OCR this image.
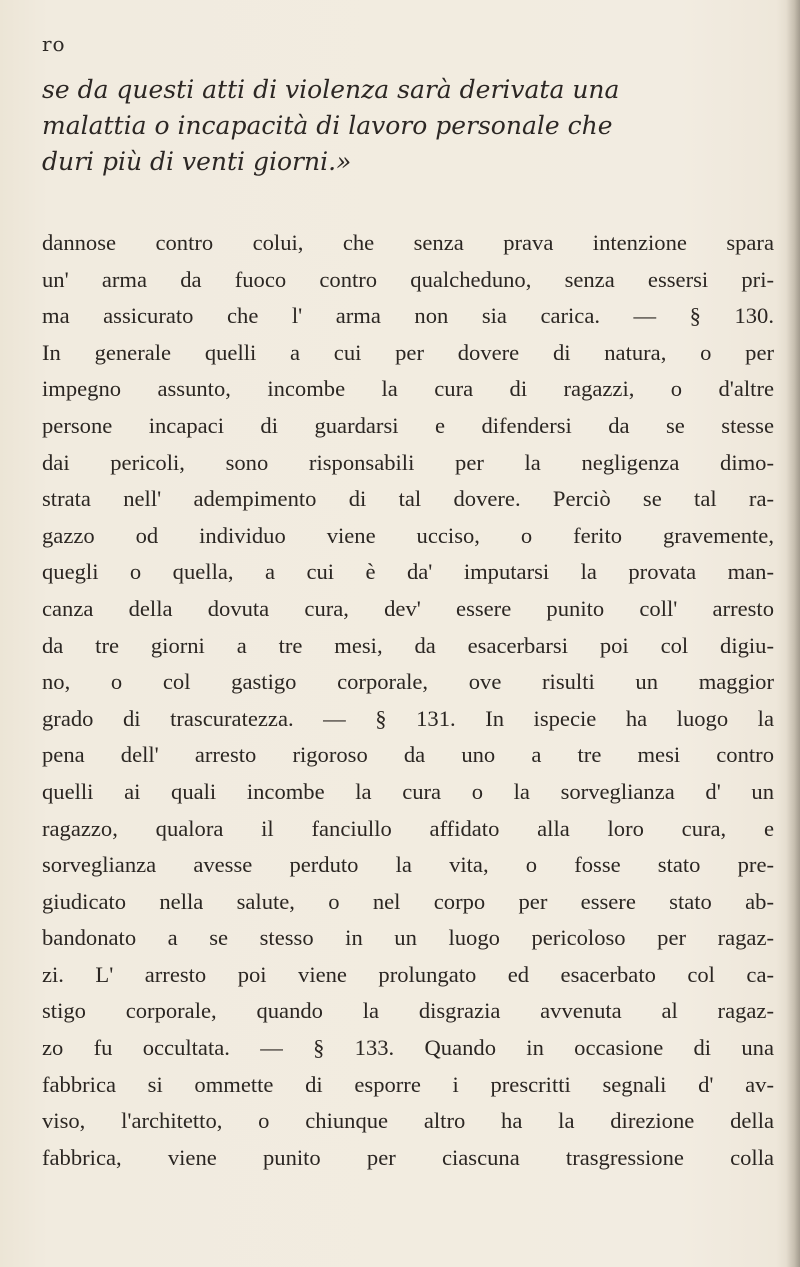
ro
se da questi atti di violenza sarà derivata una
malattia o incapacità di lavoro personale che
duri più di venti giorni.»
dannose contro colui, che senza prava intenzione spara
un' arma da fuoco contro qualcheduno, senza essersi pri-
ma assicurato che l' arma non sia carica. — § 130.
In generale quelli a cui per dovere di natura, o per
impegno assunto, incombe la cura di ragazzi, o d'altre
persone incapaci di guardarsi e difendersi da se stesse
dai pericoli, sono risponsabili per la negligenza dimo-
strata nell' adempimento di tal dovere. Perciò se tal ra-
gazzo od individuo viene ucciso, o ferito gravemente,
quegli o quella, a cui è da' imputarsi la provata man-
canza della dovuta cura, dev' essere punito coll' arresto
da tre giorni a tre mesi, da esacerbarsi poi col digiu-
no, o col gastigo corporale, ove risulti un maggior
grado di trascuratezza. — § 131. In ispecie ha luogo la
pena dell' arresto rigoroso da uno a tre mesi contro
quelli ai quali incombe la cura o la sorveglianza d' un
ragazzo, qualora il fanciullo affidato alla loro cura, e
sorveglianza avesse perduto la vita, o fosse stato pre-
giudicato nella salute, o nel corpo per essere stato ab-
bandonato a se stesso in un luogo pericoloso per ragaz-
zi. L' arresto poi viene prolungato ed esacerbato col ca-
stigo corporale, quando la disgrazia avvenuta al ragaz-
zo fu occultata. — § 133. Quando in occasione di una
fabbrica si ommette di esporre i prescritti segnali d' av-
viso, l'architetto, o chiunque altro ha la direzione della
fabbrica, viene punito per ciascuna trasgressione colla
